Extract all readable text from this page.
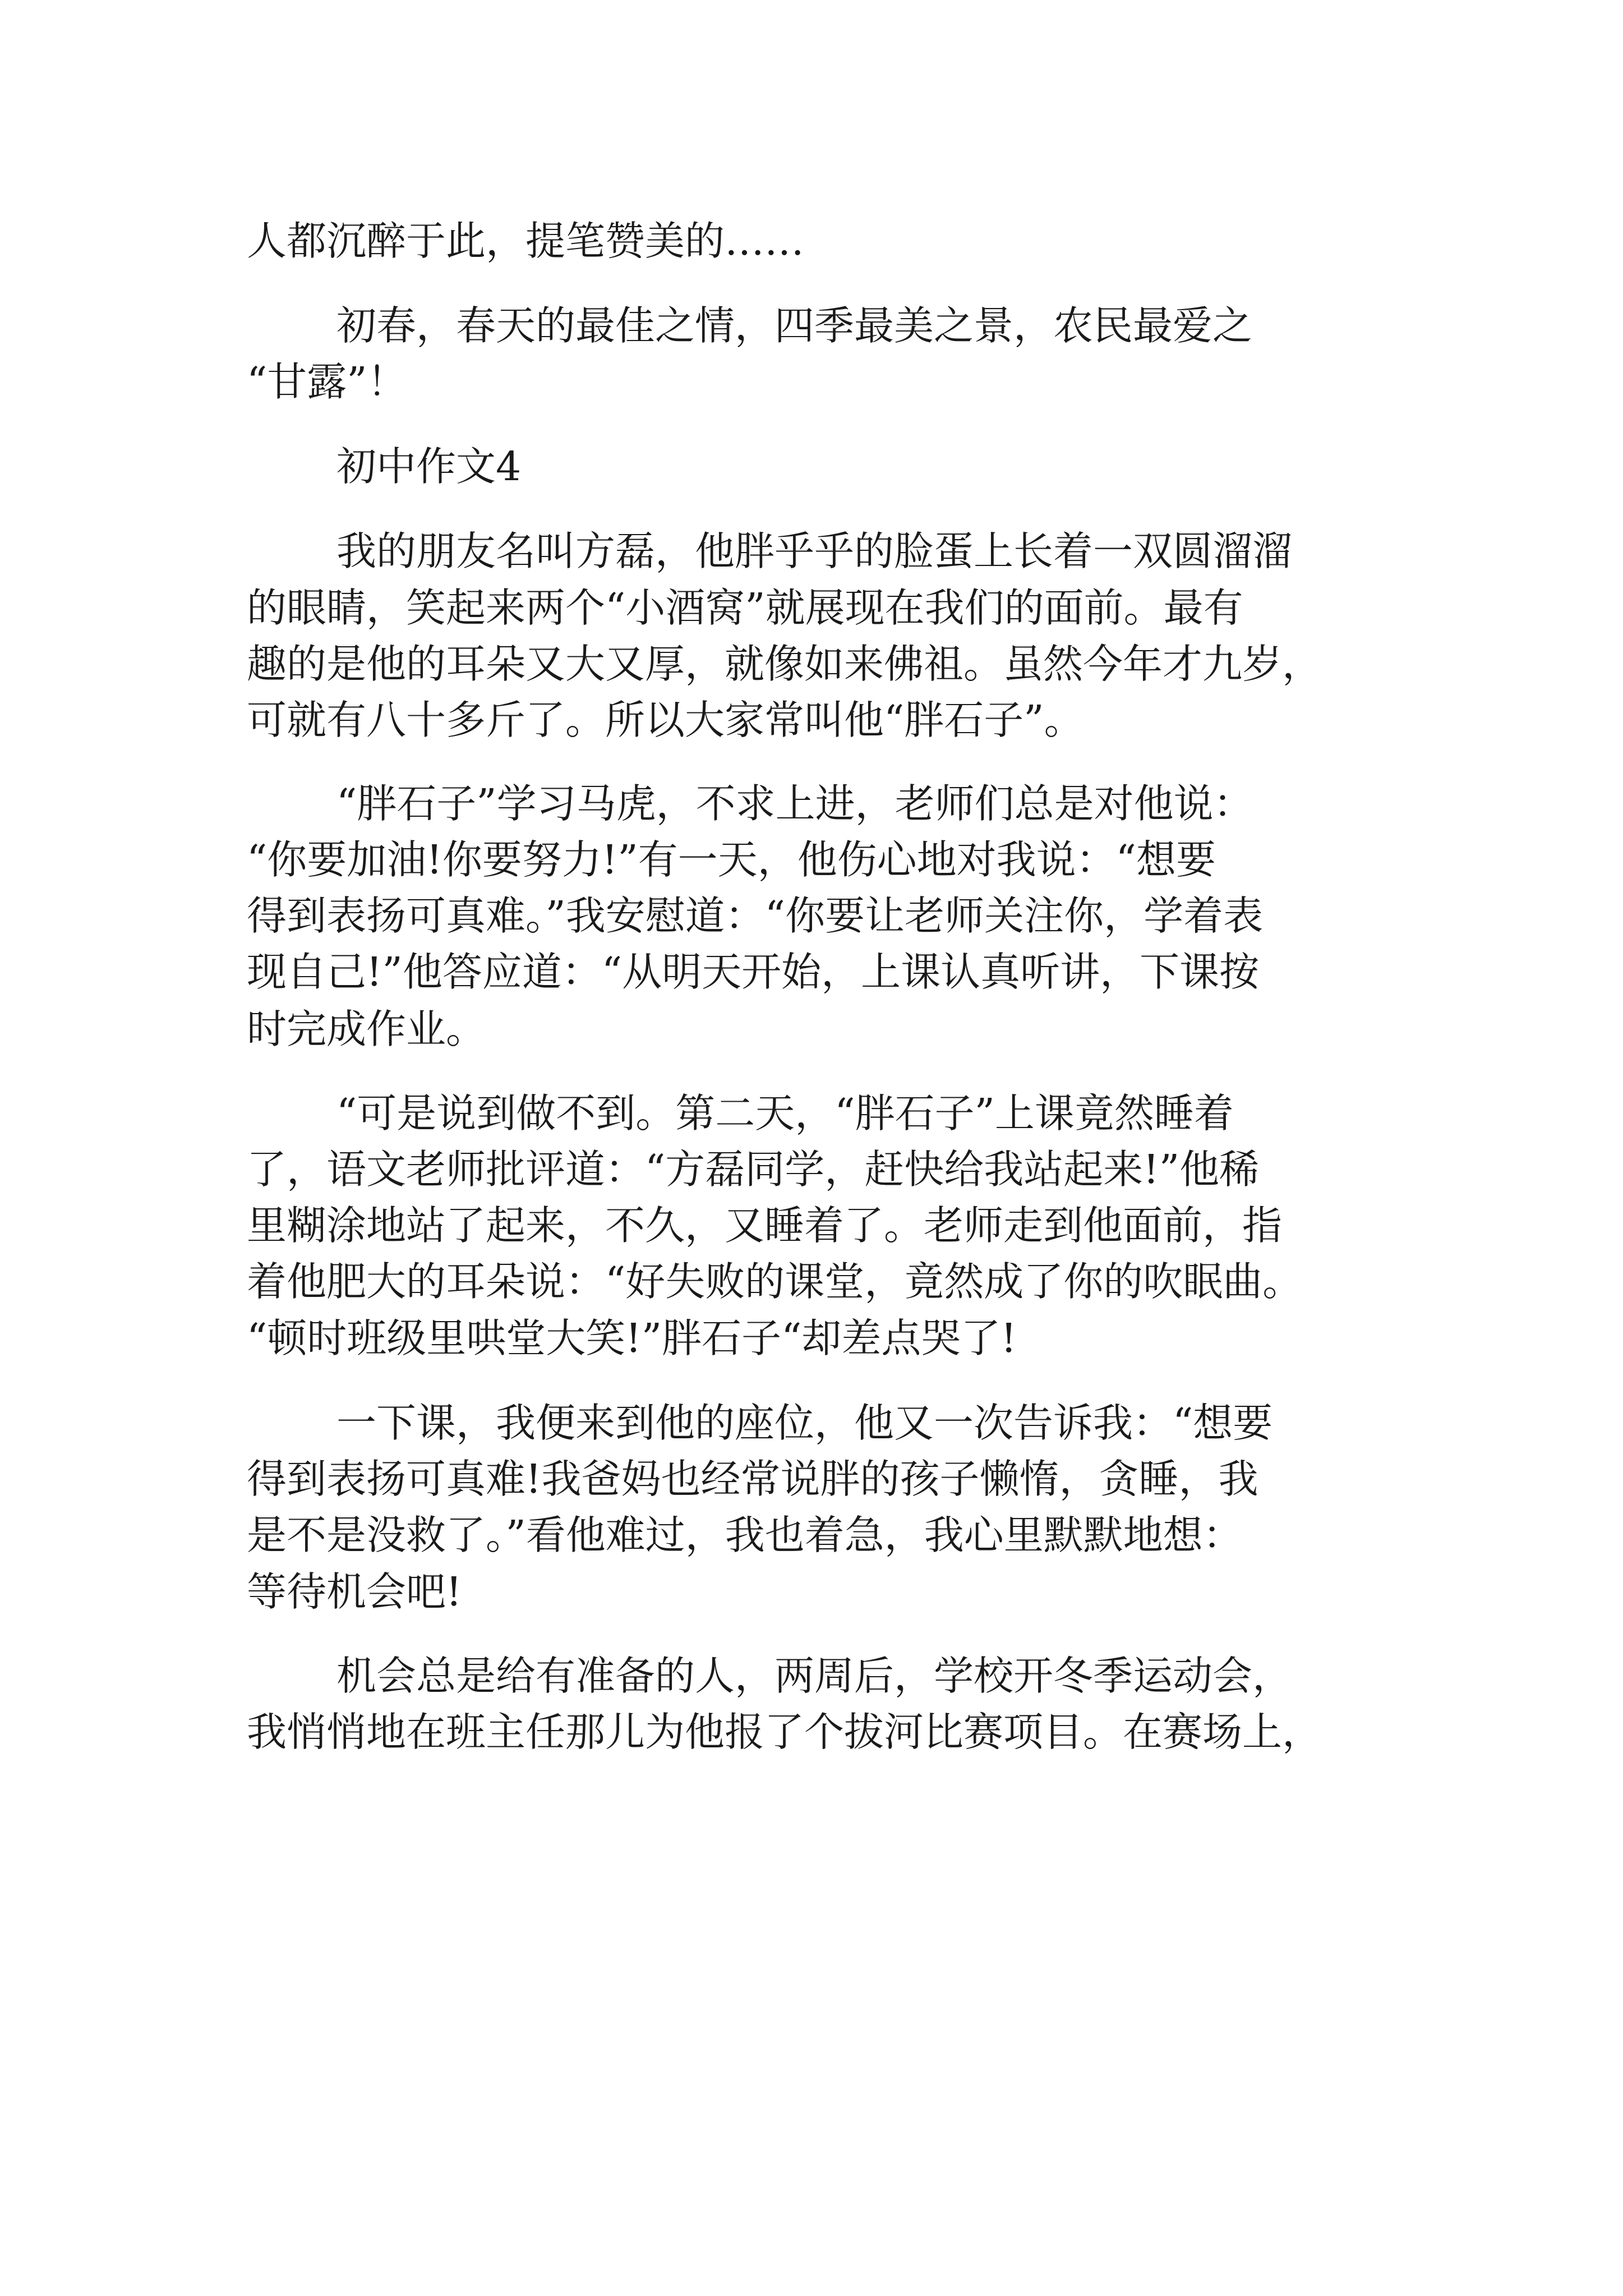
人都沉醉于此，提笔赞美的……
初春，春天的最佳之情，四季最美之景，农民最爱之
“甘露”！
初中作文4
我的朋友名叫方磊，他胖乎乎的脸蛋上长着一双圆溜溜
的眼睛，笑起来两个“小酒窝”就展现在我们的面前。最有
趣的是他的耳朵又大又厚，就像如来佛祖。虽然今年才九岁，
可就有八十多斤了。所以大家常叫他“胖石子”。
“胖石子”学习马虎，不求上进，老师们总是对他说：
“你要加油!你要努力!”有一天，他伤心地对我说：“想要
得到表扬可真难。”我安慰道：“你要让老师关注你，学着表
现自己!”他答应道：“从明天开始，上课认真听讲，下课按
时完成作业。
“可是说到做不到。第二天，“胖石子”上课竟然睡着
了，语文老师批评道：“方磊同学，赶快给我站起来!”他稀
里糊涂地站了起来，不久，又睡着了。老师走到他面前，指
着他肥大的耳朵说：“好失败的课堂，竟然成了你的吹眠曲。
“顿时班级里哄堂大笑!”胖石子“却差点哭了!
一下课，我便来到他的座位，他又一次告诉我：“想要
得到表扬可真难!我爸妈也经常说胖的孩子懒惰，贪睡，我
是不是没救了。”看他难过，我也着急，我心里默默地想：
等待机会吧!
机会总是给有准备的人，两周后，学校开冬季运动会，
我悄悄地在班主任那儿为他报了个拔河比赛项目。在赛场上，
